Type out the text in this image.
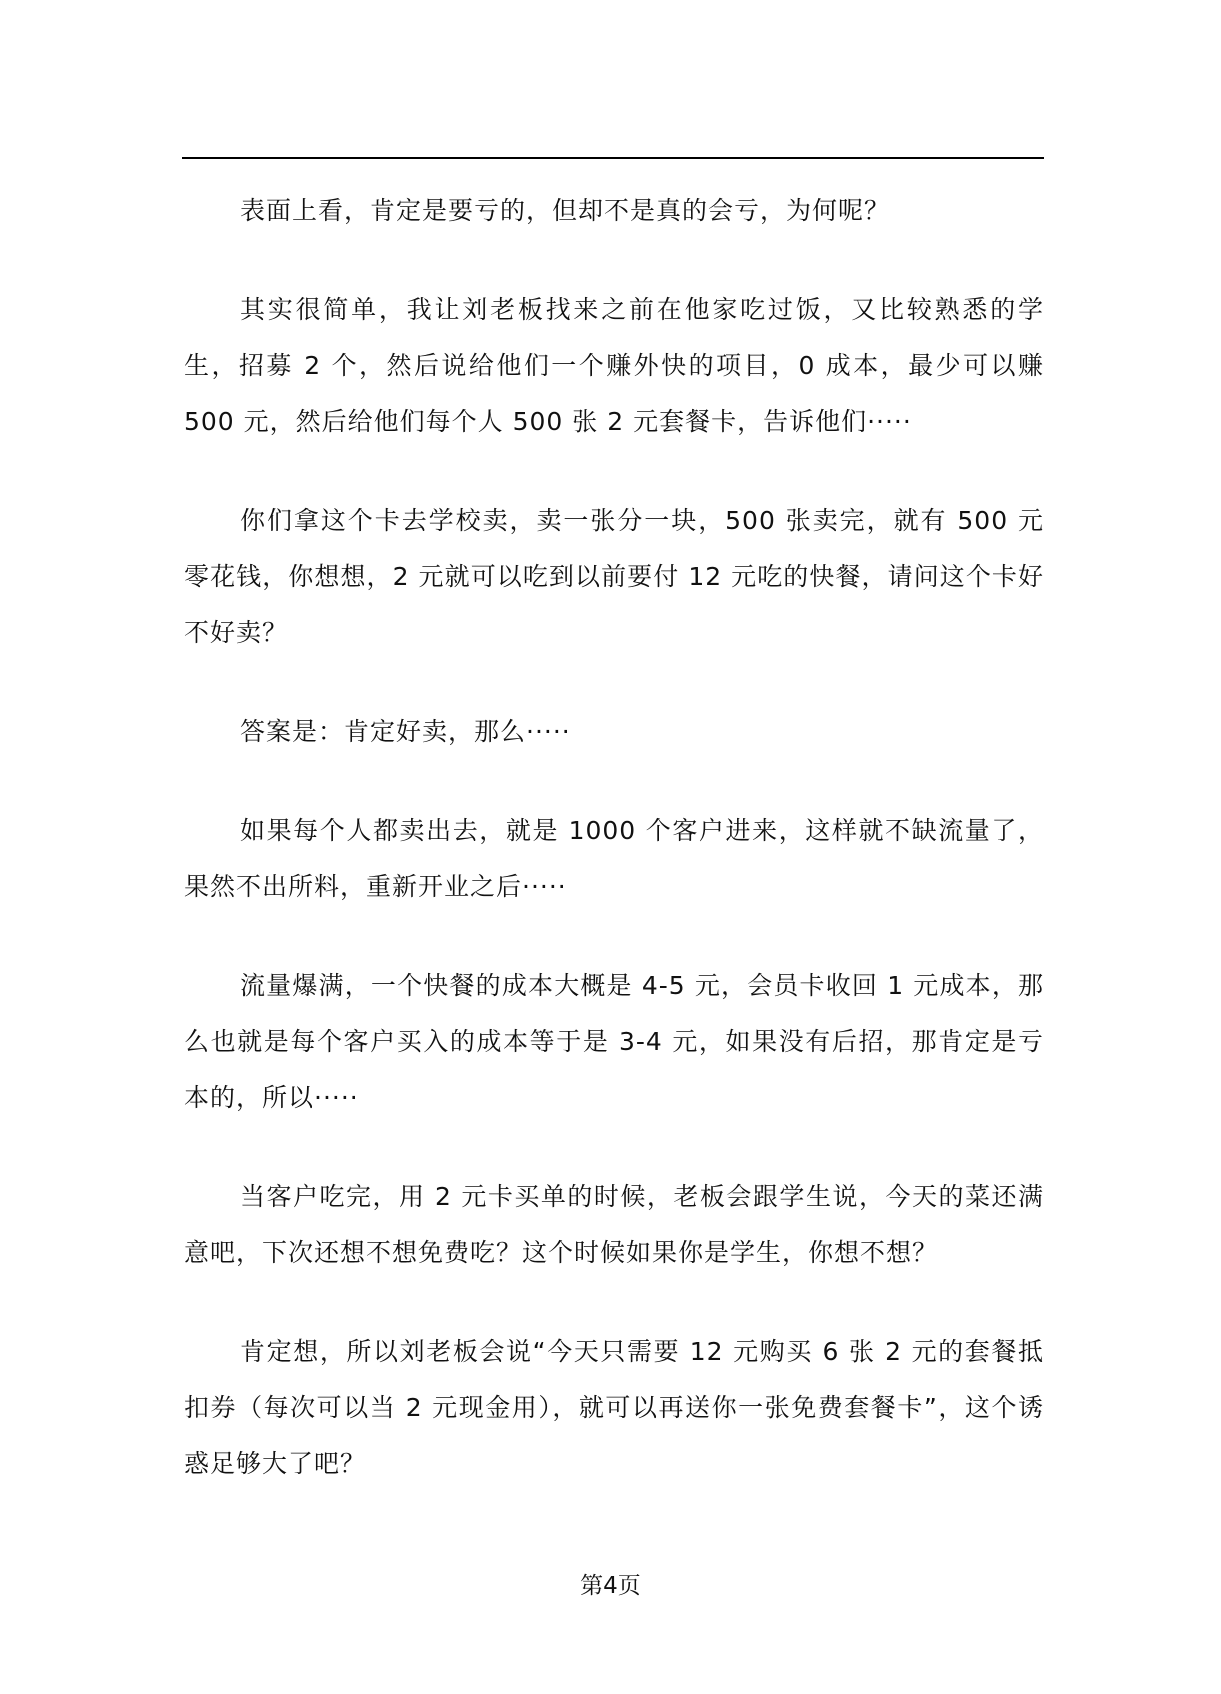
表面上看，肯定是要亏的，但却不是真的会亏，为何呢？

其实很简单，我让刘老板找来之前在他家吃过饭，又比较熟悉的学生，招募 2 个，然后说给他们一个赚外快的项目，0 成本，最少可以赚 500 元，然后给他们每个人 500 张 2 元套餐卡，告诉他们·····

你们拿这个卡去学校卖，卖一张分一块，500 张卖完，就有 500 元零花钱，你想想，2 元就可以吃到以前要付 12 元吃的快餐，请问这个卡好不好卖？

答案是：肯定好卖，那么·····

如果每个人都卖出去，就是 1000 个客户进来，这样就不缺流量了，果然不出所料，重新开业之后·····

流量爆满，一个快餐的成本大概是 4-5 元，会员卡收回 1 元成本，那么也就是每个客户买入的成本等于是 3-4 元，如果没有后招，那肯定是亏本的，所以·····

当客户吃完，用 2 元卡买单的时候，老板会跟学生说，今天的菜还满意吧，下次还想不想免费吃？这个时候如果你是学生，你想不想？

肯定想，所以刘老板会说“今天只需要 12 元购买 6 张 2 元的套餐抵扣券（每次可以当 2 元现金用），就可以再送你一张免费套餐卡”，这个诱惑足够大了吧？

第4页
